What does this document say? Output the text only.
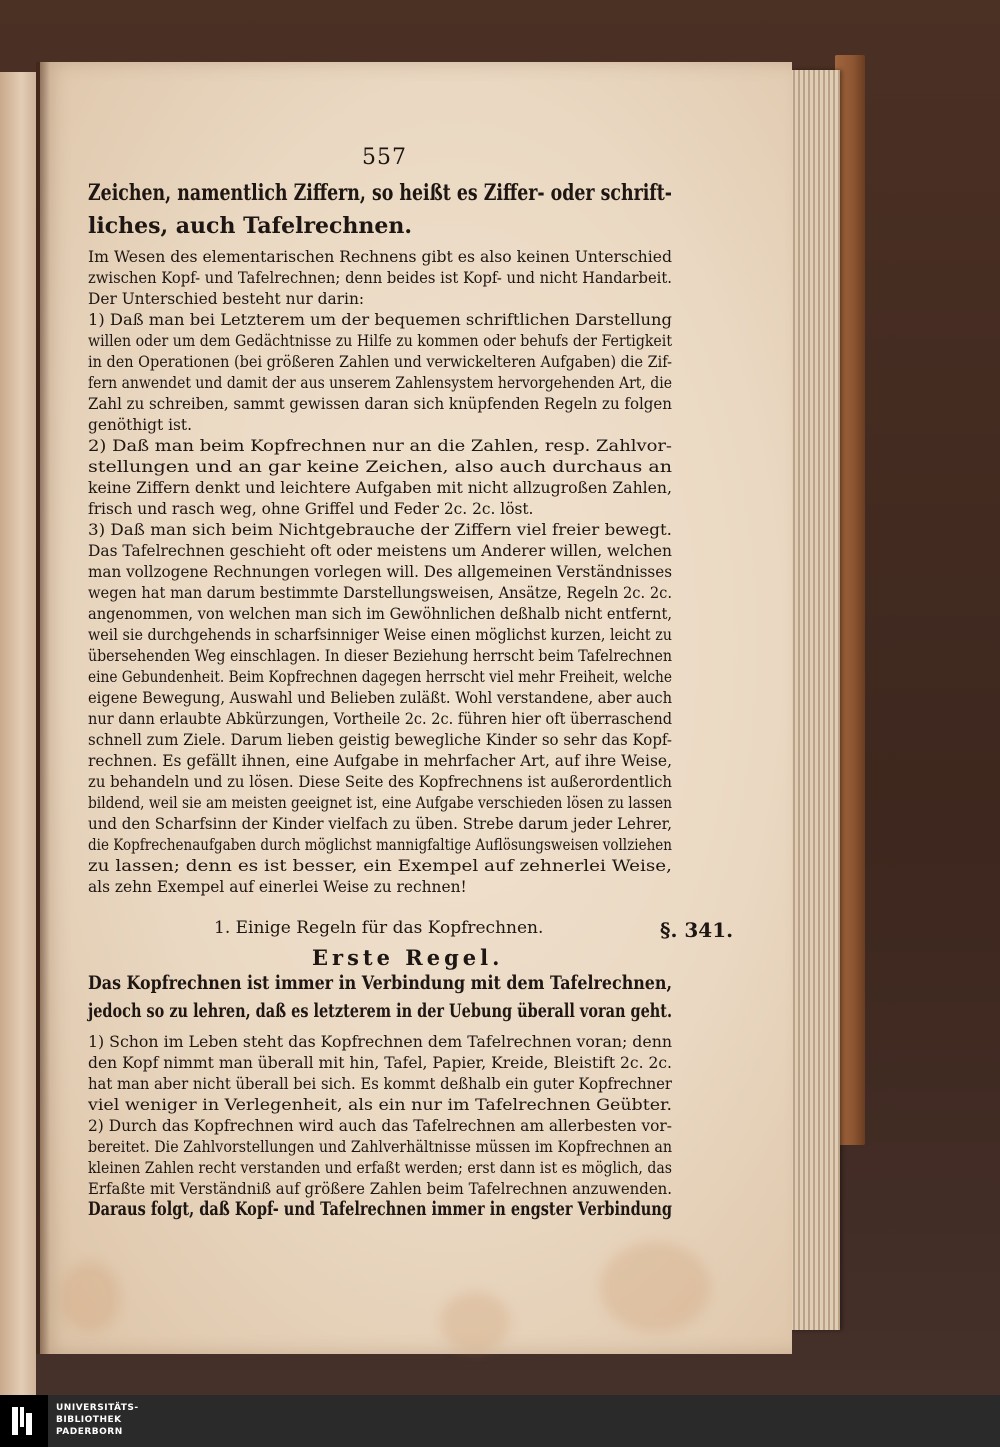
557
1. Einige Regeln für das Kopfrechnen.	§. 341.
Erste Regel.
Zeichen, namentlich Ziffern, so heißt es Ziffer- oder schrift-
liches, auch Tafelrechnen.
Im Wesen des elementarischen Rechnens gibt es also keinen Unterschied
zwischen Kopf- und Tafelrechnen; denn beides ist Kopf- und nicht Handarbeit.
Der Unterschied besteht nur darin:
1) Daß man bei Letzterem um der bequemen schriftlichen Darstellung
willen oder um dem Gedächtnisse zu Hilfe zu kommen oder behufs der Fertigkeit
in den Operationen (bei größeren Zahlen und verwickelteren Aufgaben) die Zif-
fern anwendet und damit der aus unserem Zahlensystem hervorgehenden Art, die
Zahl zu schreiben, sammt gewissen daran sich knüpfenden Regeln zu folgen
genöthigt ist.
2) Daß man beim Kopfrechnen nur an die Zahlen, resp. Zahlvor-
stellungen und an gar keine Zeichen, also auch durchaus an
keine Ziffern denkt und leichtere Aufgaben mit nicht allzugroßen Zahlen,
frisch und rasch weg, ohne Griffel und Feder 2c. 2c. löst.
3) Daß man sich beim Nichtgebrauche der Ziffern viel freier bewegt.
Das Tafelrechnen geschieht oft oder meistens um Anderer willen, welchen
man vollzogene Rechnungen vorlegen will. Des allgemeinen Verständnisses
wegen hat man darum bestimmte Darstellungsweisen, Ansätze, Regeln 2c. 2c.
angenommen, von welchen man sich im Gewöhnlichen deßhalb nicht entfernt,
weil sie durchgehends in scharfsinniger Weise einen möglichst kurzen, leicht zu
übersehenden Weg einschlagen. In dieser Beziehung herrscht beim Tafelrechnen
eine Gebundenheit. Beim Kopfrechnen dagegen herrscht viel mehr Freiheit, welche
eigene Bewegung, Auswahl und Belieben zuläßt. Wohl verstandene, aber auch
nur dann erlaubte Abkürzungen, Vortheile 2c. 2c. führen hier oft überraschend
schnell zum Ziele. Darum lieben geistig bewegliche Kinder so sehr das Kopf-
rechnen. Es gefällt ihnen, eine Aufgabe in mehrfacher Art, auf ihre Weise,
zu behandeln und zu lösen. Diese Seite des Kopfrechnens ist außerordentlich
bildend, weil sie am meisten geeignet ist, eine Aufgabe verschieden lösen zu lassen
und den Scharfsinn der Kinder vielfach zu üben. Strebe darum jeder Lehrer,
die Kopfrechenaufgaben durch möglichst mannigfaltige Auflösungsweisen vollziehen
zu lassen; denn es ist besser, ein Exempel auf zehnerlei Weise,
als zehn Exempel auf einerlei Weise zu rechnen!
Das Kopfrechnen ist immer in Verbindung mit dem Tafelrechnen,
jedoch so zu lehren, daß es letzterem in der Uebung überall voran geht.
1) Schon im Leben steht das Kopfrechnen dem Tafelrechnen voran; denn
den Kopf nimmt man überall mit hin, Tafel, Papier, Kreide, Bleistift 2c. 2c.
hat man aber nicht überall bei sich. Es kommt deßhalb ein guter Kopfrechner
viel weniger in Verlegenheit, als ein nur im Tafelrechnen Geübter.
2) Durch das Kopfrechnen wird auch das Tafelrechnen am allerbesten vor-
bereitet. Die Zahlvorstellungen und Zahlverhältnisse müssen im Kopfrechnen an
kleinen Zahlen recht verstanden und erfaßt werden; erst dann ist es möglich, das
Erfaßte mit Verständniß auf größere Zahlen beim Tafelrechnen anzuwenden.
Daraus folgt, daß Kopf- und Tafelrechnen immer in engster Verbindung
UNIVERSITÄTS-
BIBLIOTHEK
PADERBORN
